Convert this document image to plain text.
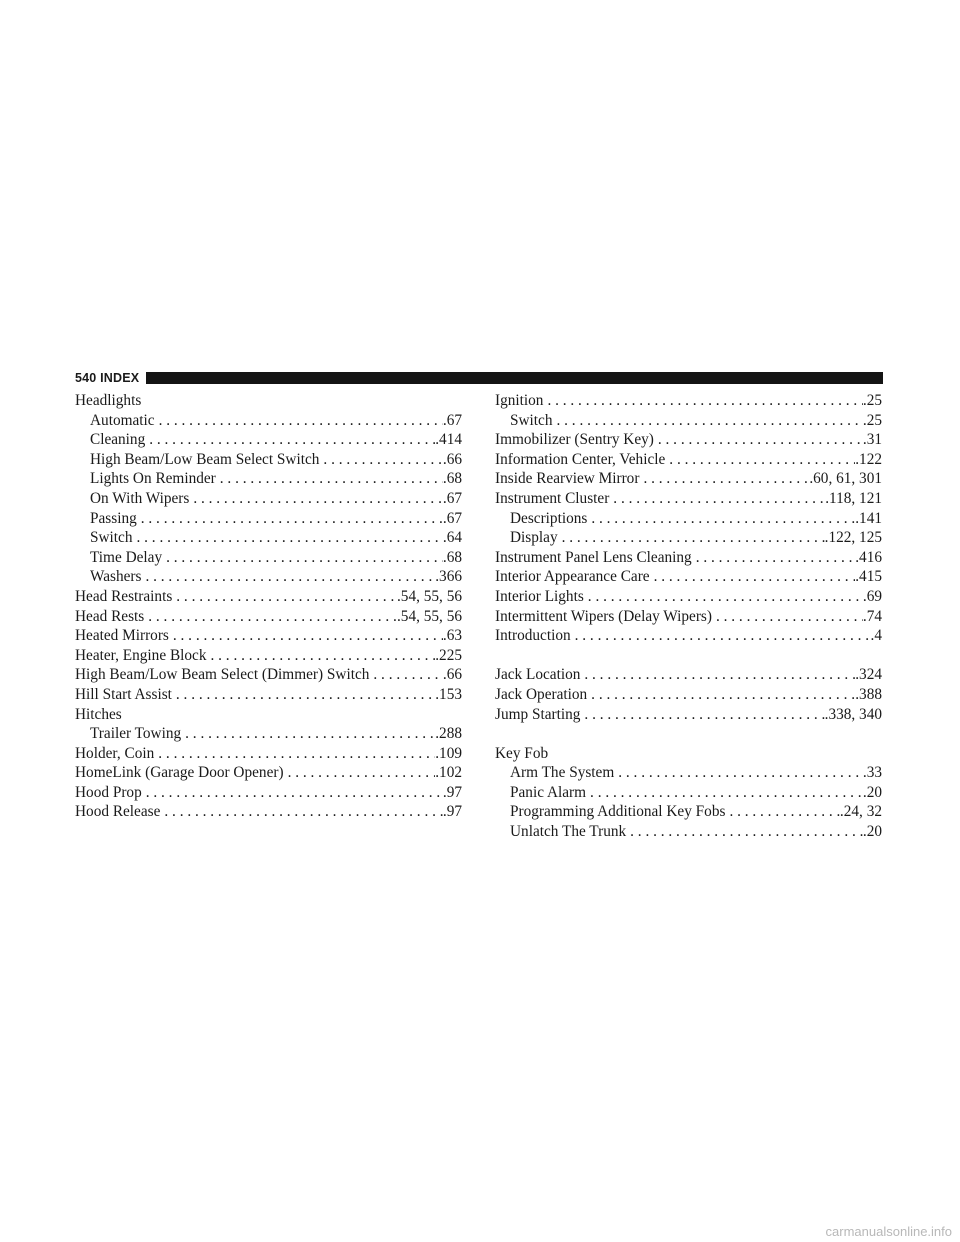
540 INDEX
Headlights
Automatic . . .	.67
Cleaning . . .	.414
High Beam/Low Beam Select Switch . . .	.66
Lights On Reminder . . .	.68
On With Wipers . . .	.67
Passing . . .	.67
Switch . . .	.64
Time Delay . . .	.68
Washers . . .	.366
Head Restraints . . .	.54, 55, 56
Head Rests . . .	.54, 55, 56
Heated Mirrors . . .	.63
Heater, Engine Block . . .	.225
High Beam/Low Beam Select (Dimmer) Switch . . .	.66
Hill Start Assist . . .	.153
Hitches
Trailer Towing . . .	.288
Holder, Coin . . .	.109
HomeLink (Garage Door Opener) . . .	.102
Hood Prop . . .	.97
Hood Release . . .	.97
Ignition . . .	.25
Switch . . .	.25
Immobilizer (Sentry Key) . . .	.31
Information Center, Vehicle . . .	.122
Inside Rearview Mirror . . .	.60, 61, 301
Instrument Cluster . . .	.118, 121
Descriptions . . .	.141
Display . . .	.122, 125
Instrument Panel Lens Cleaning . . .	.416
Interior Appearance Care . . .	.415
Interior Lights . . .	.69
Intermittent Wipers (Delay Wipers) . . .	.74
Introduction . . .	.4
Jack Location . . .	.324
Jack Operation . . .	.388
Jump Starting . . .	.338, 340
Key Fob
Arm The System . . .	.33
Panic Alarm . . .	.20
Programming Additional Key Fobs . . .	.24, 32
Unlatch The Trunk . . .	.20
carmanualsonline.info
